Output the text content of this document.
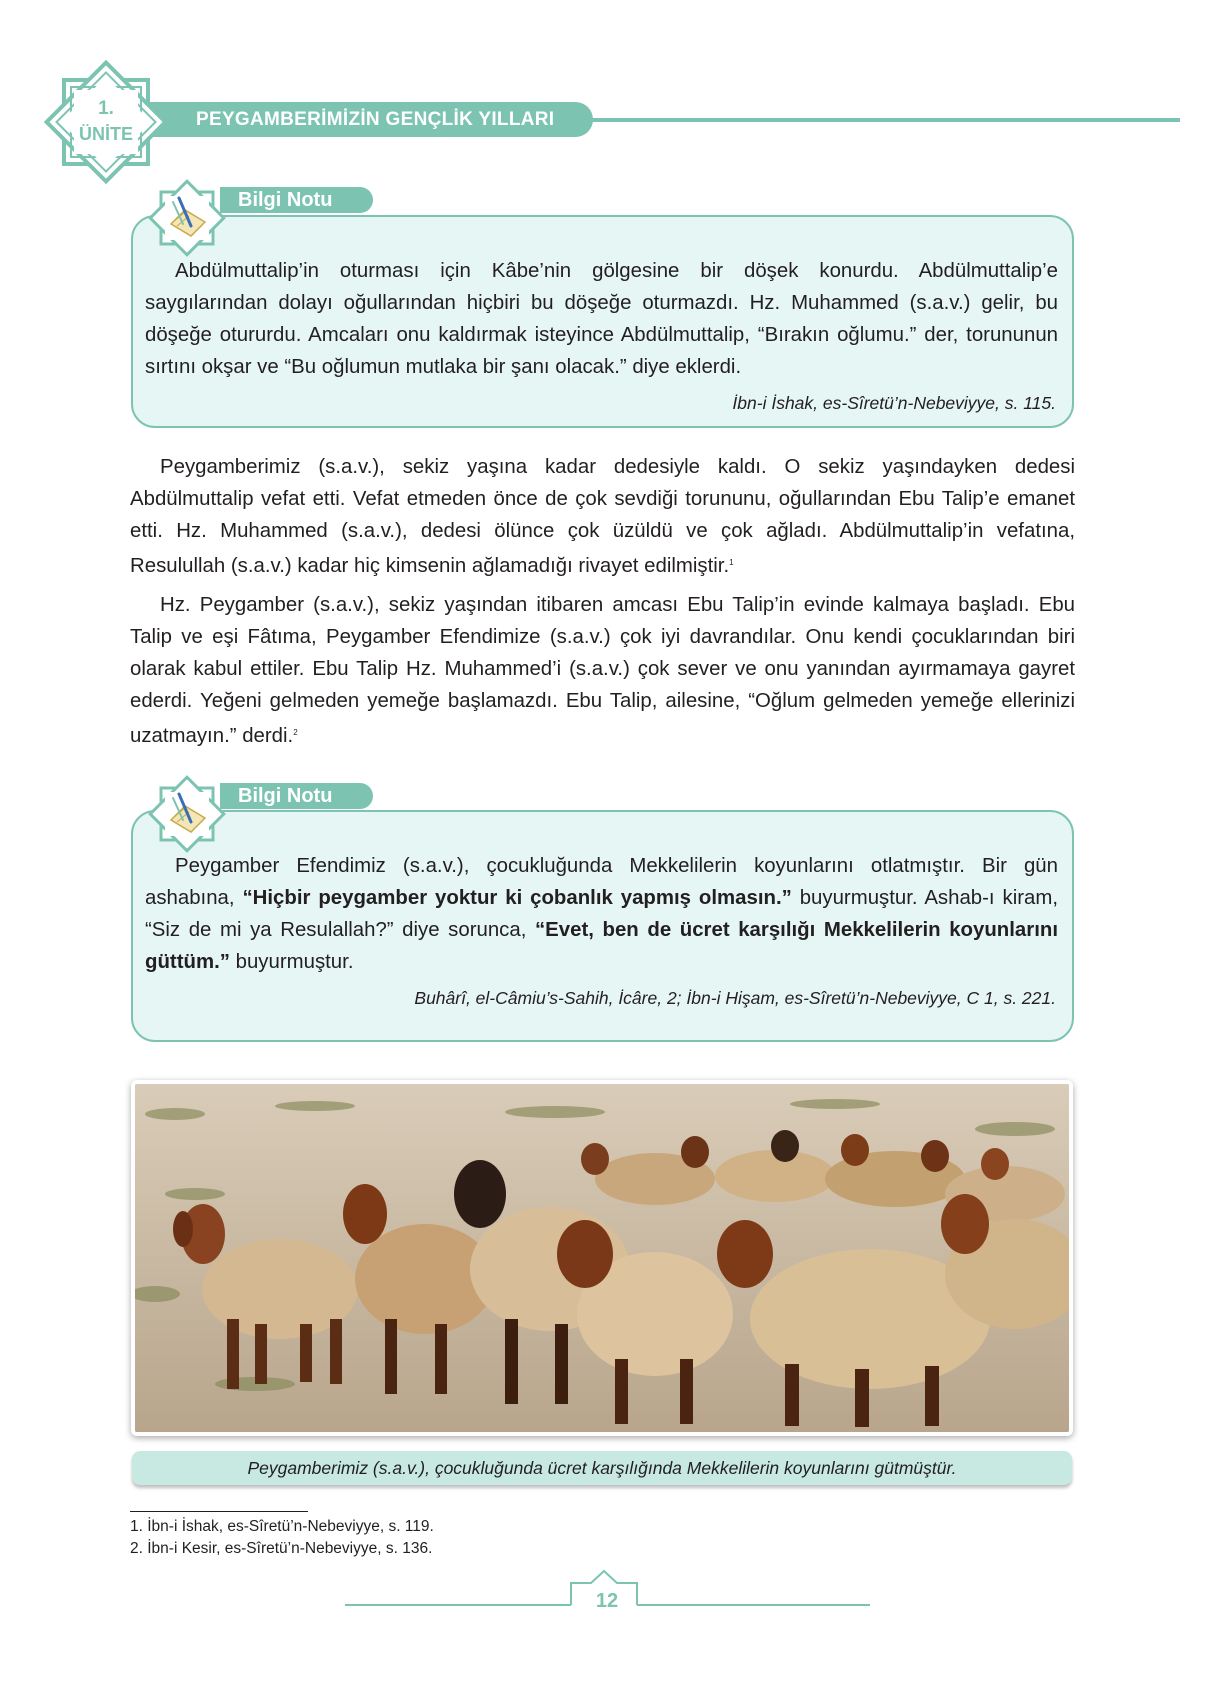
PEYGAMBERİMİZİN GENÇLİK YILLARI
1.
ÜNİTE

Abdülmuttalip’in oturması için Kâbe’nin gölgesine bir döşek konurdu. Abdülmuttalip’e saygılarından dolayı oğullarından hiçbiri bu döşeğe oturmazdı. Hz. Muhammed (s.a.v.) gelir, bu döşeğe otururdu. Amcaları onu kaldırmak isteyince Abdülmuttalip, “Bırakın oğlumu.” der, torununun sırtını okşar ve “Bu oğlumun mutlaka bir şanı olacak.” diye eklerdi.

İbn-i İshak, es-Sîretü’n-Nebeviyye, s. 115.

Bilgi Notu

Peygamberimiz (s.a.v.), sekiz yaşına kadar dedesiyle kaldı. O sekiz yaşındayken dedesi Abdülmuttalip vefat etti. Vefat etmeden önce de çok sevdiği torununu, oğullarından Ebu Talip’e emanet etti. Hz. Muhammed (s.a.v.), dedesi ölünce çok üzüldü ve çok ağladı. Abdülmuttalip’in vefatına, Resulullah (s.a.v.) kadar hiç kimsenin ağlamadığı rivayet edilmiştir.$^1$

Hz. Peygamber (s.a.v.), sekiz yaşından itibaren amcası Ebu Talip’in evinde kalmaya başladı. Ebu Talip ve eşi Fâtıma, Peygamber Efendimize (s.a.v.) çok iyi davrandılar. Onu kendi çocuklarından biri olarak kabul ettiler. Ebu Talip Hz. Muhammed’i (s.a.v.) çok sever ve onu yanından ayırmamaya gayret ederdi. Yeğeni gelmeden yemeğe başlamazdı. Ebu Talip, ailesine, “Oğlum gelmeden yemeğe ellerinizi uzatmayın.” derdi.$^2$

Peygamber Efendimiz (s.a.v.), çocukluğunda Mekkelilerin koyunlarını otlatmıştır. Bir gün ashabına, “Hiçbir peygamber yoktur ki çobanlık yapmış olmasın.” buyurmuştur. Ashab-ı kiram, “Siz de mi ya Resulallah?” diye sorunca, “Evet, ben de ücret karşılığı Mekkelilerin koyunlarını güttüm.” buyurmuştur.

Buhârî, el-Câmiu’s-Sahih, İcâre, 2; İbn-i Hişam, es-Sîretü’n-Nebeviyye, C 1, s. 221.

Bilgi Notu
Peygamberimiz (s.a.v.), çocukluğunda ücret karşılığında Mekkelilerin koyunlarını gütmüştür.

1. İbn-i İshak, es-Sîretü’n-Nebeviyye, s. 119.

2. İbn-i Kesir, es-Sîretü’n-Nebeviyye, s. 136.

12
